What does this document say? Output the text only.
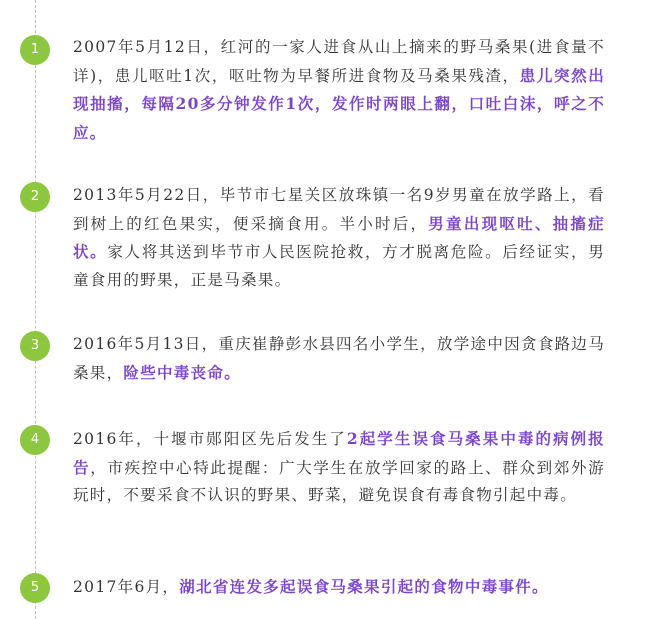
1	2007年5月12日，红河的一家人进食从山上摘来的野马桑果(进食量不详)，患儿呕吐1次，呕吐物为早餐所进食物及马桑果残渣，患儿突然出现抽搐，每隔20多分钟发作1次，发作时两眼上翻，口吐白沫，呼之不应。
2	2013年5月22日，毕节市七星关区放珠镇一名9岁男童在放学路上，看到树上的红色果实，便采摘食用。半小时后，男童出现呕吐、抽搐症状。家人将其送到毕节市人民医院抢救，方才脱离危险。后经证实，男童食用的野果，正是马桑果。
3	2016年5月13日，重庆崔静彭水县四名小学生，放学途中因贪食路边马桑果，险些中毒丧命。
4	2016年，十堰市郧阳区先后发生了2起学生误食马桑果中毒的病例报告，市疾控中心特此提醒：广大学生在放学回家的路上、群众到郊外游玩时，不要采食不认识的野果、野菜，避免误食有毒食物引起中毒。
5	2017年6月，湖北省连发多起误食马桑果引起的食物中毒事件。
